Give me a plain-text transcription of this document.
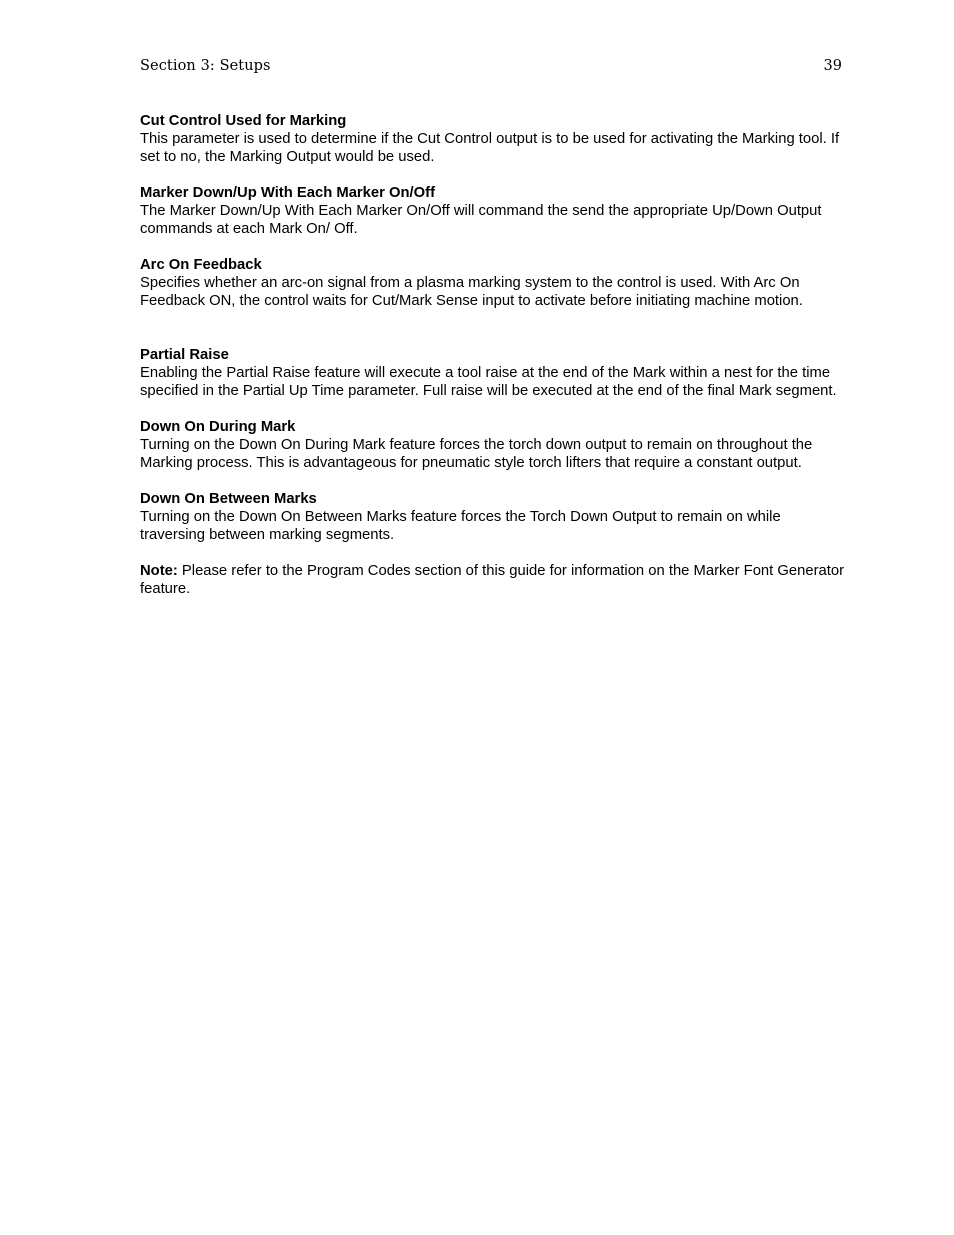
Section 3: Setups	39
Cut Control Used for Marking

This parameter is used to determine if the Cut Control output is to be used for activating the Marking tool. If set to no, the Marking Output would be used.

Marker Down/Up With Each Marker On/Off

The Marker Down/Up With Each Marker On/Off will command the send the appropriate Up/Down Output commands at each Mark On/ Off.

Arc On Feedback

Specifies whether an arc-on signal from a plasma marking system to the control is used. With Arc On Feedback ON, the control waits for Cut/Mark Sense input to activate before initiating machine motion.

Partial Raise

Enabling the Partial Raise feature will execute a tool raise at the end of the Mark within a nest for the time specified in the Partial Up Time parameter. Full raise will be executed at the end of the final Mark segment.

Down On During Mark

Turning on the Down On During Mark feature forces the torch down output to remain on throughout the Marking process. This is advantageous for pneumatic style torch lifters that require a constant output.

Down On Between Marks

Turning on the Down On Between Marks feature forces the Torch Down Output to remain on while traversing between marking segments.

Note: Please refer to the Program Codes section of this guide for information on the Marker Font Generator feature.
